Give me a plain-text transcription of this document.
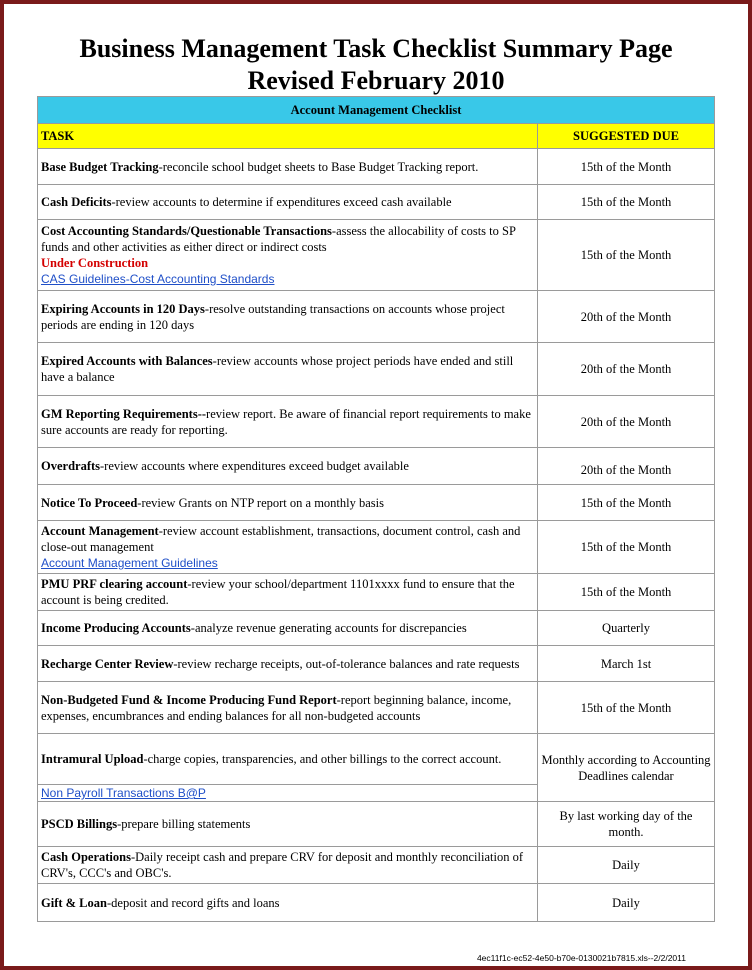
Business Management Task Checklist Summary Page
Revised February 2010
Account Management Checklist	
TASK	SUGGESTED DUE
Base Budget Tracking-reconcile school budget sheets to Base Budget Tracking report.	15th of the Month
Cash Deficits-review accounts to determine if expenditures exceed cash available	15th of the Month
Cost Accounting Standards/Questionable Transactions-assess the allocability of costs to SP funds and other activities as either direct or indirect costs
Under Construction
CAS Guidelines-Cost Accounting Standards	15th of the Month
Expiring Accounts in 120 Days-resolve outstanding transactions on accounts whose project periods are ending in 120 days	20th of the Month
Expired Accounts with Balances-review accounts whose project periods have ended and still have a balance	20th of the Month
GM Reporting Requirements--review report. Be aware of financial report requirements to make sure accounts are ready for reporting.	20th of the Month
Overdrafts-review accounts where expenditures exceed budget available	20th of the Month
Notice To Proceed-review Grants on NTP report on a monthly basis	15th of the Month
Account Management-review account establishment, transactions, document control, cash and close-out management
Account Management Guidelines	15th of the Month
PMU PRF clearing account-review your school/department 1101xxxx fund to ensure that the account is being credited.	15th of the Month
Income Producing Accounts-analyze revenue generating accounts for discrepancies	Quarterly
Recharge Center Review-review recharge receipts, out-of-tolerance balances and rate requests	March 1st
Non-Budgeted Fund & Income Producing Fund Report-report beginning balance, income, expenses, encumbrances and ending balances for all non-budgeted accounts	15th of the Month
Intramural Upload-charge copies, transparencies, and other billings to the correct account.	Monthly according to Accounting Deadlines calendar
Non Payroll Transactions B@P	
PSCD Billings-prepare billing statements	By last working day of the month.
Cash Operations-Daily receipt cash and prepare CRV for deposit and monthly reconciliation of CRV's, CCC's and OBC's.	Daily
Gift & Loan-deposit and record gifts and loans	Daily
4ec11f1c-ec52-4e50-b70e-0130021b7815.xls--2/2/2011
